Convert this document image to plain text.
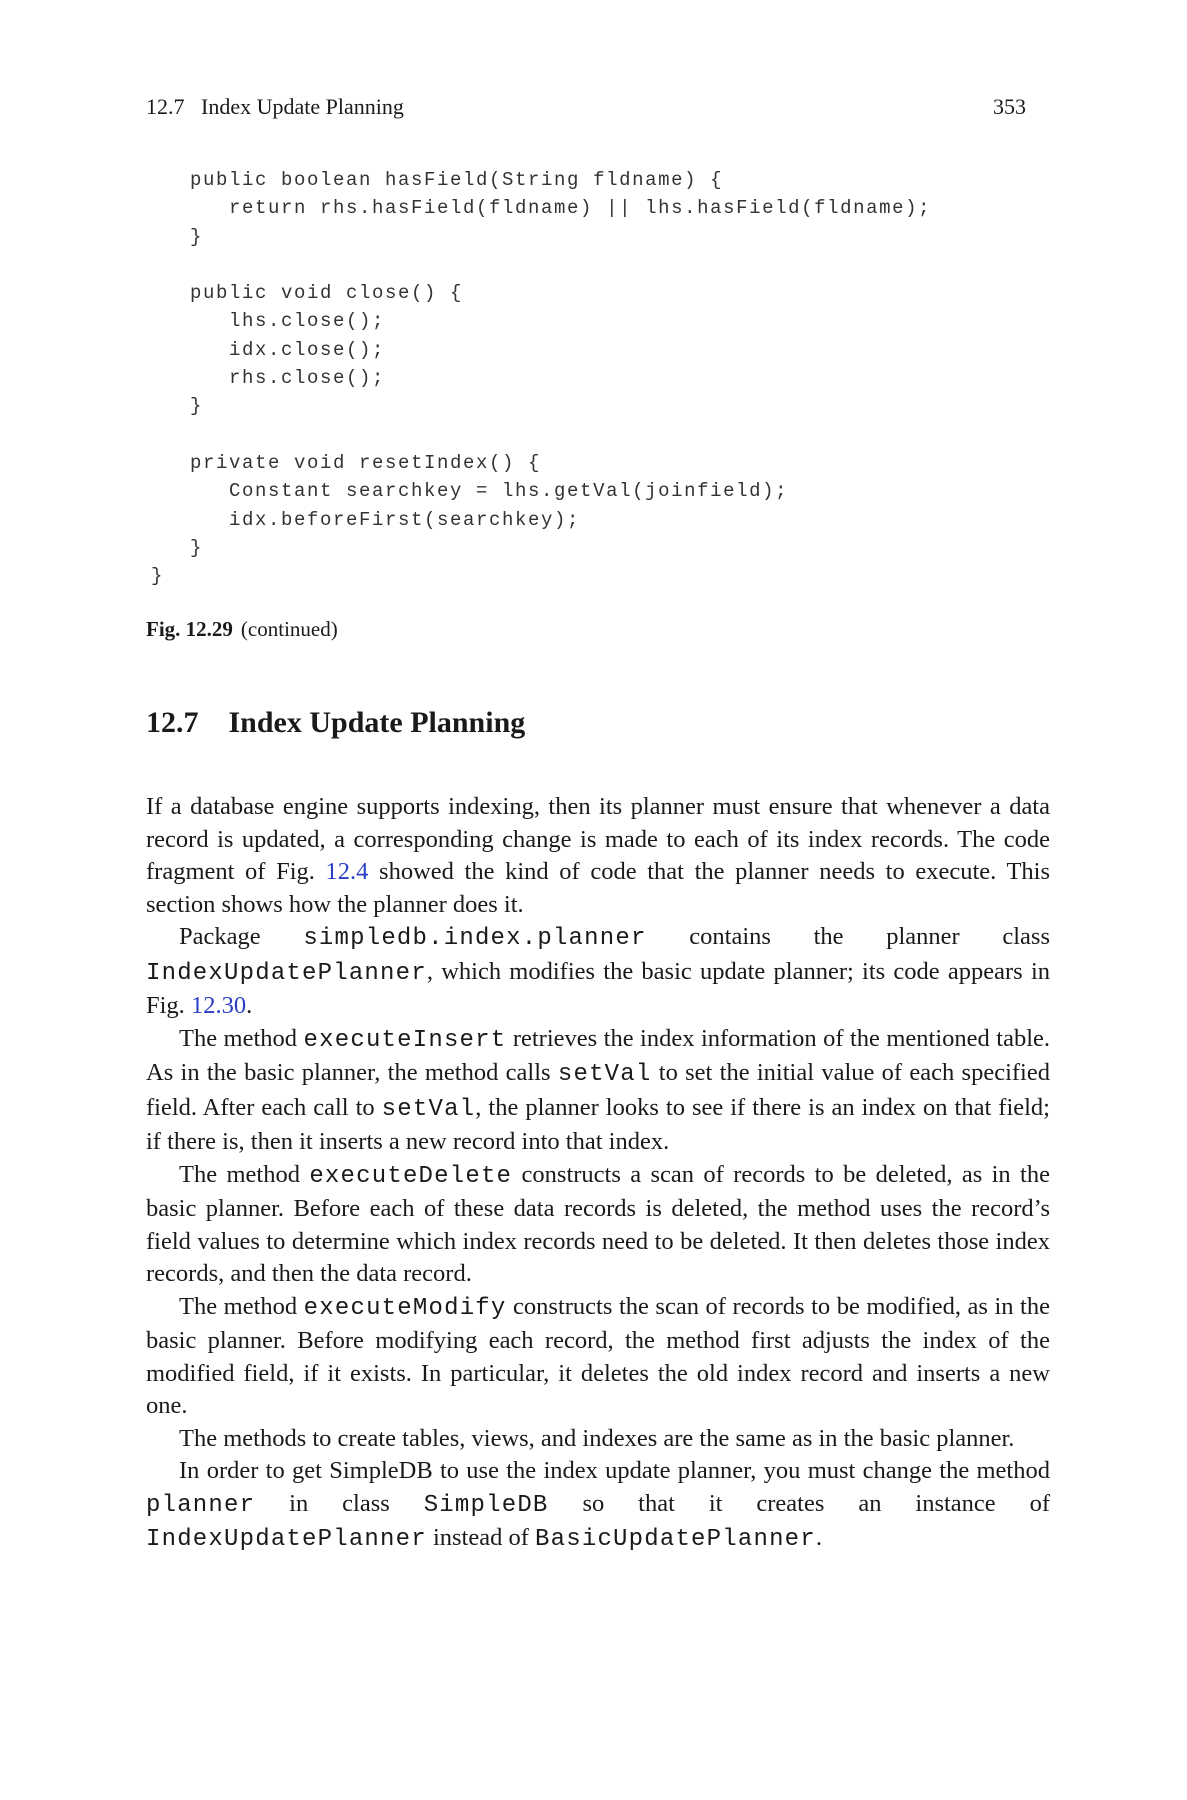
12.7   Index Update Planning	353
public boolean hasField(String fldname) {
return rhs.hasField(fldname) || lhs.hasField(fldname);
}
public void close() {
lhs.close();
idx.close();
rhs.close();
}
private void resetIndex() {
Constant searchkey = lhs.getVal(joinfield);
idx.beforeFirst(searchkey);
}
}
Fig. 12.29 (continued)
12.7 Index Update Planning

If a database engine supports indexing, then its planner must ensure that whenever a data record is updated, a corresponding change is made to each of its index records. The code fragment of Fig. 12.4 showed the kind of code that the planner needs to execute. This section shows how the planner does it.

Package simpledb.index.planner contains the planner class IndexUpdatePlanner, which modifies the basic update planner; its code appears in Fig. 12.30.

The method executeInsert retrieves the index information of the mentioned table. As in the basic planner, the method calls setVal to set the initial value of each specified field. After each call to setVal, the planner looks to see if there is an index on that field; if there is, then it inserts a new record into that index.

The method executeDelete constructs a scan of records to be deleted, as in the basic planner. Before each of these data records is deleted, the method uses the record’s field values to determine which index records need to be deleted. It then deletes those index records, and then the data record.

The method executeModify constructs the scan of records to be modified, as in the basic planner. Before modifying each record, the method first adjusts the index of the modified field, if it exists. In particular, it deletes the old index record and inserts a new one.

The methods to create tables, views, and indexes are the same as in the basic planner.

In order to get SimpleDB to use the index update planner, you must change the method planner in class SimpleDB so that it creates an instance of IndexUpdatePlanner instead of BasicUpdatePlanner.
